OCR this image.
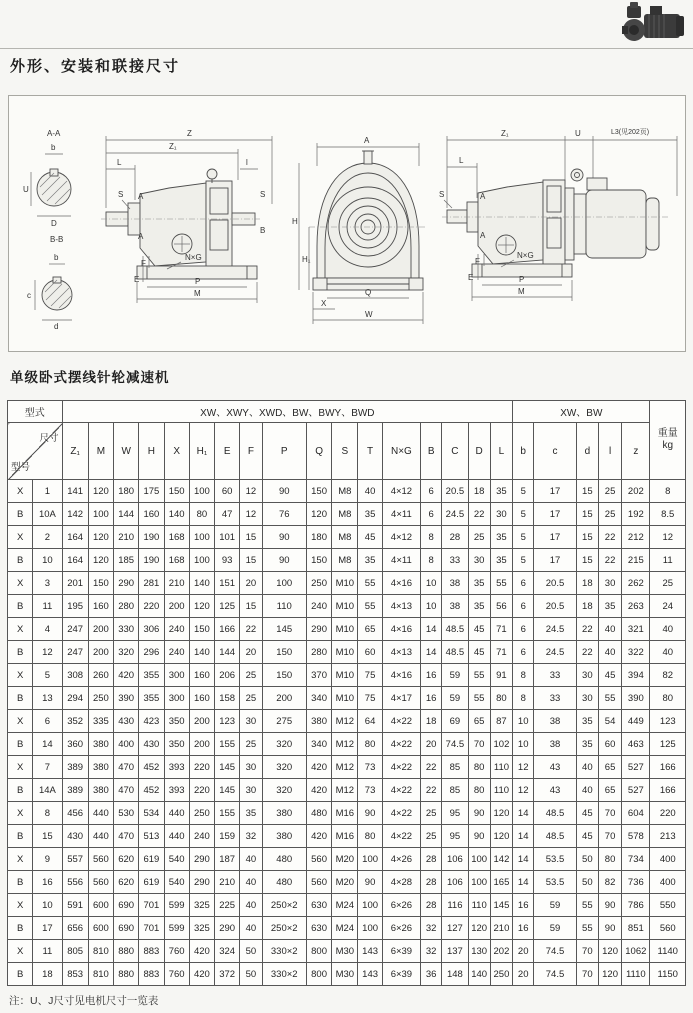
外形、安装和联接尺寸
A-A
b
U
D
B-B
b
c
d
Z
Z₁
L	l
S A
A
S
B
N×G
F
E	P
M
A
H
H₁
Q
X
W
Z₁	U	L3(见202页)
L
S	A
A
N×G
F
E	P
M
单级卧式摆线针轮减速机
型式		XW、XWY、XWD、BW、BWY、BWD																	XW、BW					重量
kg

尺寸
型号		Z₁	M	W	H	X	H₁	E	F	P	Q	S	T	N×G	B	C	D	L	b	c	d	l	z	
X	1	141	120	180	175	150	100	60	12	90	150	M8	40	4×12	6	20.5	18	35	5	17	15	25	202	8
B	10A	142	100	144	160	140	80	47	12	76	120	M8	35	4×11	6	24.5	22	30	5	17	15	25	192	8.5
X	2	164	120	210	190	168	100	101	15	90	180	M8	45	4×12	8	28	25	35	5	17	15	22	212	12
B	10	164	120	185	190	168	100	93	15	90	150	M8	35	4×11	8	33	30	35	5	17	15	22	215	11
X	3	201	150	290	281	210	140	151	20	100	250	M10	55	4×16	10	38	35	55	6	20.5	18	30	262	25
B	11	195	160	280	220	200	120	125	15	110	240	M10	55	4×13	10	38	35	56	6	20.5	18	35	263	24
X	4	247	200	330	306	240	150	166	22	145	290	M10	65	4×16	14	48.5	45	71	6	24.5	22	40	321	40
B	12	247	200	320	296	240	140	144	20	150	280	M10	60	4×13	14	48.5	45	71	6	24.5	22	40	322	40
X	5	308	260	420	355	300	160	206	25	150	370	M10	75	4×16	16	59	55	91	8	33	30	45	394	82
B	13	294	250	390	355	300	160	158	25	200	340	M10	75	4×17	16	59	55	80	8	33	30	55	390	80
X	6	352	335	430	423	350	200	123	30	275	380	M12	64	4×22	18	69	65	87	10	38	35	54	449	123
B	14	360	380	400	430	350	200	155	25	320	340	M12	80	4×22	20	74.5	70	102	10	38	35	60	463	125
X	7	389	380	470	452	393	220	145	30	320	420	M12	73	4×22	22	85	80	110	12	43	40	65	527	166
B	14A	389	380	470	452	393	220	145	30	320	420	M12	73	4×22	22	85	80	110	12	43	40	65	527	166
X	8	456	440	530	534	440	250	155	35	380	480	M16	90	4×22	25	95	90	120	14	48.5	45	70	604	220
B	15	430	440	470	513	440	240	159	32	380	420	M16	80	4×22	25	95	90	120	14	48.5	45	70	578	213
X	9	557	560	620	619	540	290	187	40	480	560	M20	100	4×26	28	106	100	142	14	53.5	50	80	734	400
B	16	556	560	620	619	540	290	210	40	480	560	M20	90	4×28	28	106	100	165	14	53.5	50	82	736	400
X	10	591	600	690	701	599	325	225	40	250×2	630	M24	100	6×26	28	116	110	145	16	59	55	90	786	550
B	17	656	600	690	701	599	325	290	40	250×2	630	M24	100	6×26	32	127	120	210	16	59	55	90	851	560
X	11	805	810	880	883	760	420	324	50	330×2	800	M30	143	6×39	32	137	130	202	20	74.5	70	120	1062	1140
B	18	853	810	880	883	760	420	372	50	330×2	800	M30	143	6×39	36	148	140	250	20	74.5	70	120	1110	1150
注：U、J尺寸见电机尺寸一览表
